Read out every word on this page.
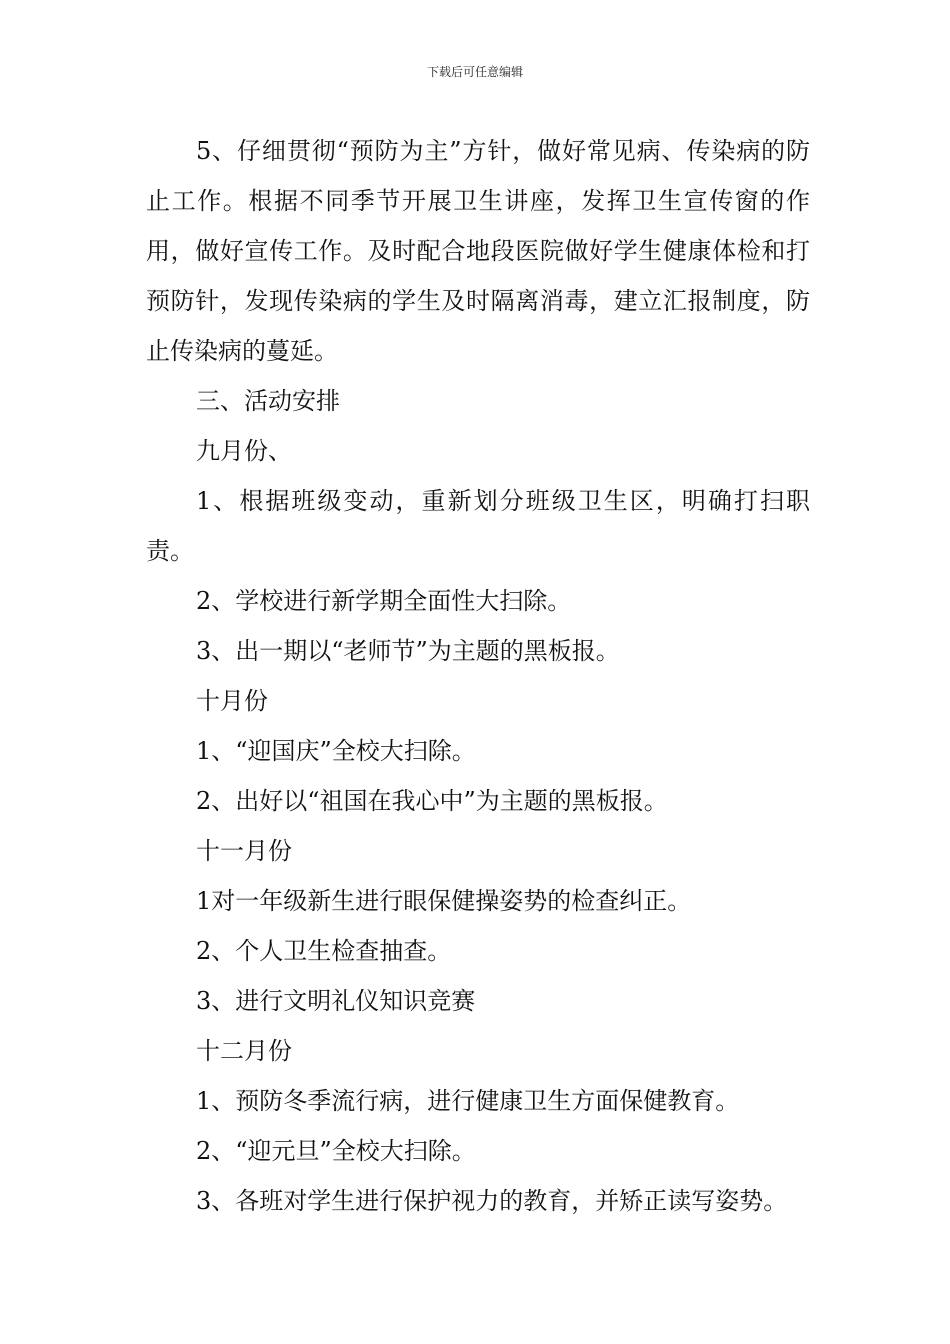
下载后可任意编辑

5、仔细贯彻“预防为主”方针，做好常见病、传染病的防止工作。根据不同季节开展卫生讲座，发挥卫生宣传窗的作用，做好宣传工作。及时配合地段医院做好学生健康体检和打预防针，发现传染病的学生及时隔离消毒，建立汇报制度，防止传染病的蔓延。

三、活动安排

九月份、

1、根据班级变动，重新划分班级卫生区，明确打扫职责。

2、学校进行新学期全面性大扫除。

3、出一期以“老师节”为主题的黑板报。

十月份

1、“迎国庆”全校大扫除。

2、出好以“祖国在我心中”为主题的黑板报。

十一月份

1对一年级新生进行眼保健操姿势的检查纠正。

2、个人卫生检查抽查。

3、进行文明礼仪知识竞赛

十二月份

1、预防冬季流行病，进行健康卫生方面保健教育。

2、“迎元旦”全校大扫除。

3、各班对学生进行保护视力的教育，并矫正读写姿势。
